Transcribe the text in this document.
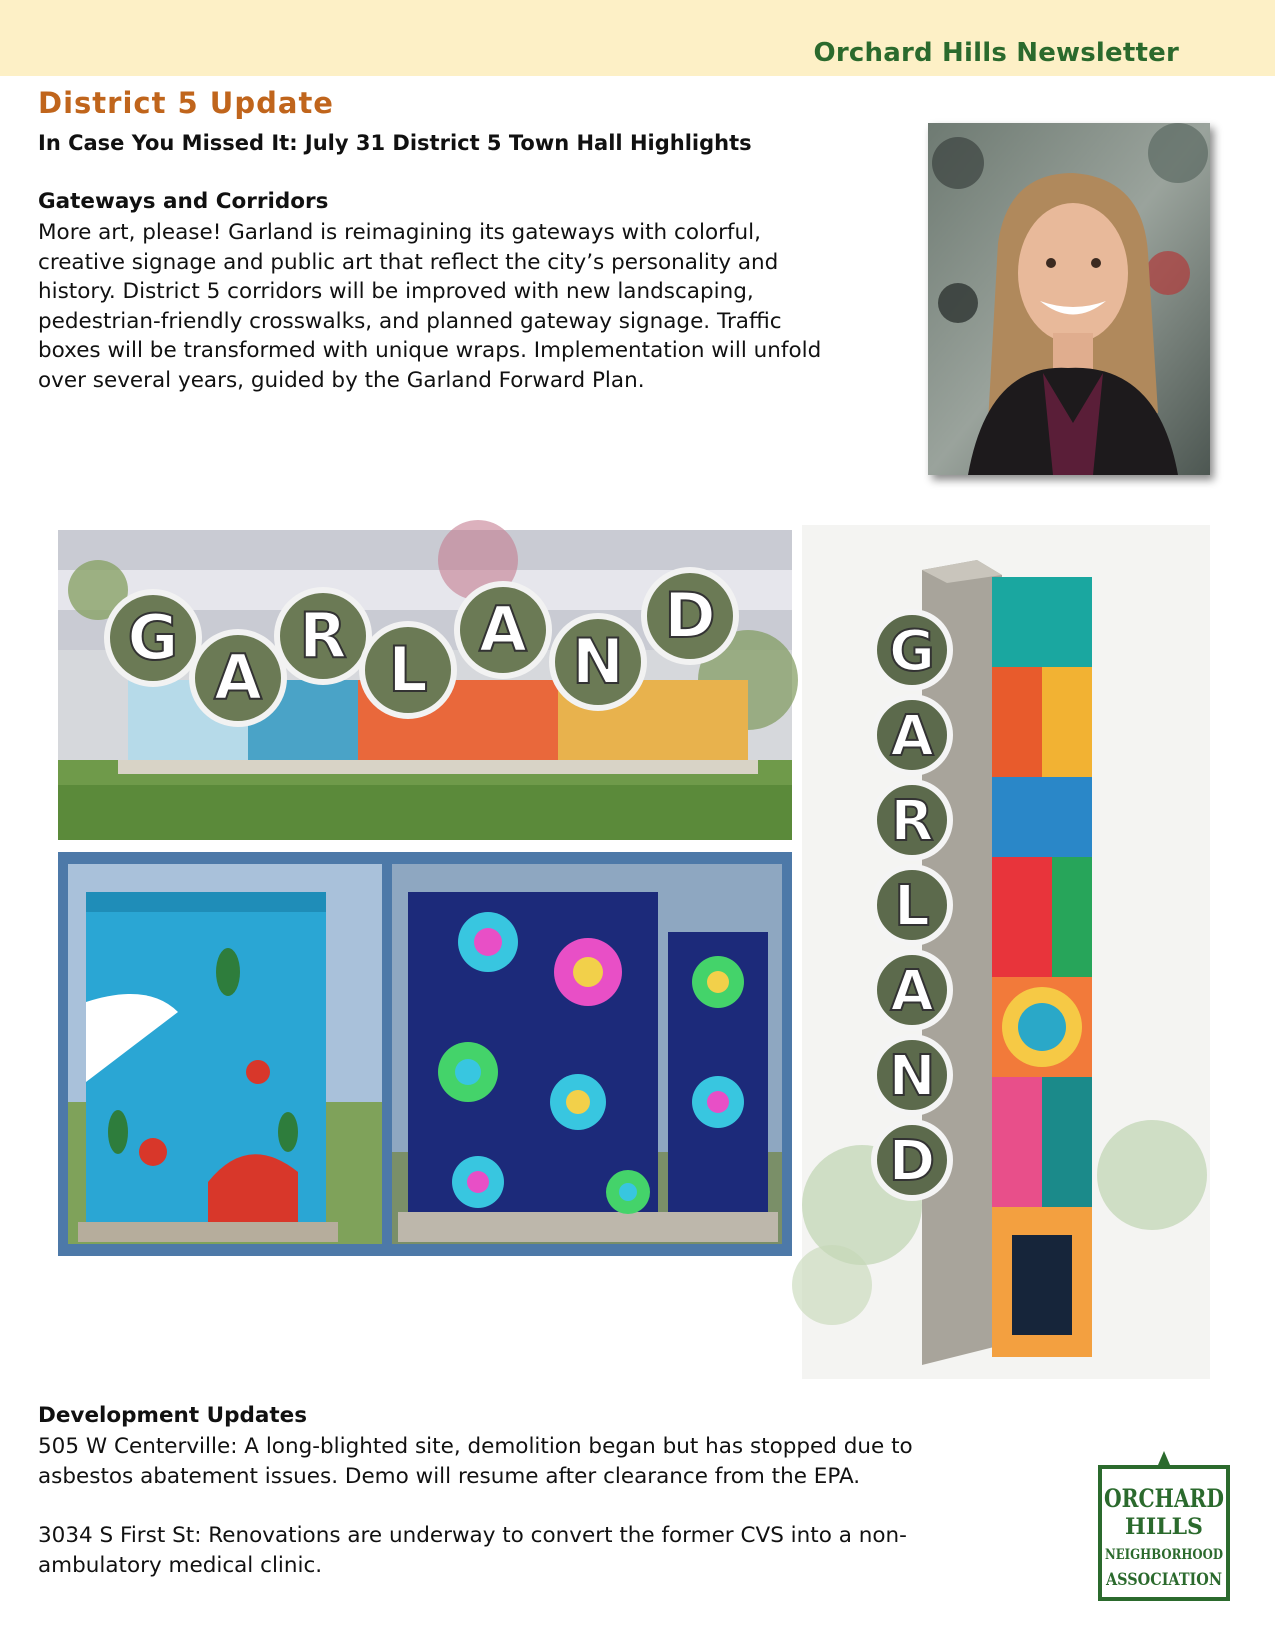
Orchard Hills Newsletter
District 5 Update
In Case You Missed It: July 31 District 5 Town Hall Highlights
Gateways and Corridors
More art, please! Garland is reimagining its gateways with colorful,
creative signage and public art that reflect the city’s personality and
history. District 5 corridors will be improved with new landscaping,
pedestrian-friendly crosswalks, and planned gateway signage. Traffic
boxes will be transformed with unique wraps. Implementation will unfold
over several years, guided by the Garland Forward Plan.
G
A
R L
A N
D	G
A
R
L
A
N
D
Development Updates
505 W Centerville: A long-blighted site, demolition began but has stopped due to
asbestos abatement issues. Demo will resume after clearance from the EPA.
3034 S First St: Renovations are underway to convert the former CVS into a non-
ambulatory medical clinic.
ORCHARD
HILLS
NEIGHBORHOOD
ASSOCIATION
